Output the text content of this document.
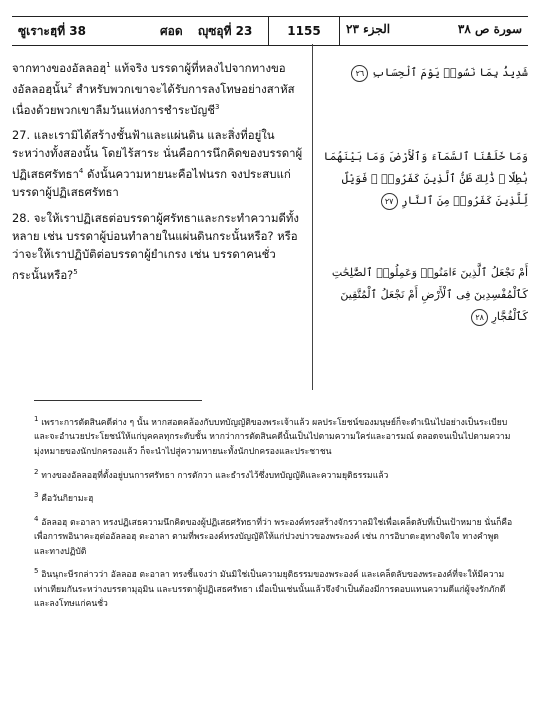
ซูเราะฮฺที่ 38	ศอด ญุซอุที่ 23	1155	الجزء ٢٣	سورة ص ٣٨

จากทางของอัลลอฮฺ$^1$ แท้จริง บรรดาผู้ที่หลงไปจากทางของอัลลอฮฺนั้น$^2$ สำหรับพวกเขาจะได้รับการลงโทษอย่างสาหัส เนื่องด้วยพวกเขาลืมวันแห่งการชำระบัญชี$^3$

27. และเรามิได้สร้างชั้นฟ้าและแผ่นดิน และสิ่งที่อยู่ในระหว่างทั้งสองนั้น โดยไร้สาระ นั่นคือการนึกคิดของบรรดาผู้ปฏิเสธศรัทธา$^4$ ดังนั้นความหายนะคือไฟนรก จงประสบแก่บรรดาผู้ปฏิเสธศรัทธา

28. จะให้เราปฏิเสธต่อบรรดาผู้ศรัทธาและกระทำความดีทั้งหลาย เช่น บรรดาผู้บ่อนทำลายในแผ่นดินกระนั้นหรือ? หรือว่าจะให้เราปฏิบัติต่อบรรดาผู้ยำเกรง เช่น บรรดาคนชั่วกระนั้นหรือ?$^5$

شَدِيدُۢ بِمَا نَسُوا۟ يَوْمَ ٱلْحِسَابِ ٢٦
وَمَا خَلَقْنَا ٱلسَّمَآءَ وَٱلْأَرْضَ وَمَا بَيْنَهُمَا بَٰطِلًا ۚ ذَٰلِكَ ظَنُّ ٱلَّذِينَ كَفَرُوا۟ ۚ فَوَيْلٌ لِّلَّذِينَ كَفَرُوا۟ مِنَ ٱلنَّارِ ٢٧
أَمْ نَجْعَلُ ٱلَّذِينَ ءَامَنُوا۟ وَعَمِلُوا۟ ٱلصَّٰلِحَٰتِ كَٱلْمُفْسِدِينَ فِى ٱلْأَرْضِ أَمْ نَجْعَلُ ٱلْمُتَّقِينَ كَٱلْفُجَّارِ ٢٨

$^1$ เพราะการตัดสินคดีต่าง ๆ นั้น หากสอดคล้องกับบทบัญญัติของพระเจ้าแล้ว ผลประโยชน์ของมนุษย์ก็จะดำเนินไปอย่างเป็นระเบียบ และจะอำนวยประโยชน์ให้แก่บุคคลทุกระดับชั้น หากว่าการตัดสินคดีนั้นเป็นไปตามความใคร่และอารมณ์ ตลอดจนเป็นไปตามความมุ่งหมายของนักปกครองแล้ว ก็จะนำไปสู่ความหายนะทั้งนักปกครองและประชาชน

$^2$ ทางของอัลลอฮฺที่ตั้งอยู่บนการศรัทธา การตักวา และธำรงไว้ซึ่งบทบัญญัติและความยุติธรรมแล้ว

$^3$ คือวันกิยามะฮฺ

$^4$ อัลลอฮฺ ตะอาลา ทรงปฏิเสธความนึกคิดของผู้ปฏิเสธศรัทธาที่ว่า พระองค์ทรงสร้างจักรวาลมิใช่เพื่อเคล็ดลับที่เป็นเป้าหมาย นั่นก็คือ เพื่อการพอินาคะฮฺต่ออัลลอฮฺ ตะอาลา ตามที่พระองค์ทรงบัญญัติให้แก่ปวงบ่าวของพระองค์ เช่น การอิบาดะฮฺทางจิตใจ ทางคำพูด และทางปฏิบัติ

$^5$ อินนุกะษีรกล่าวว่า อัลลอฮ ตะอาลา ทรงชี้แจงว่า มันมิใช่เป็นความยุติธรรมของพระองค์ และเคล็ดลับของพระองค์ที่จะให้มีความเท่าเทียมกันระหว่างบรรดามุอฺมิน และบรรดาผู้ปฏิเสธศรัทธา เมื่อเป็นเช่นนั้นแล้วจึงจำเป็นต้องมีการตอบแทนความดีแก่ผู้จงรักภักดี และลงโทษแก่คนชั่ว
